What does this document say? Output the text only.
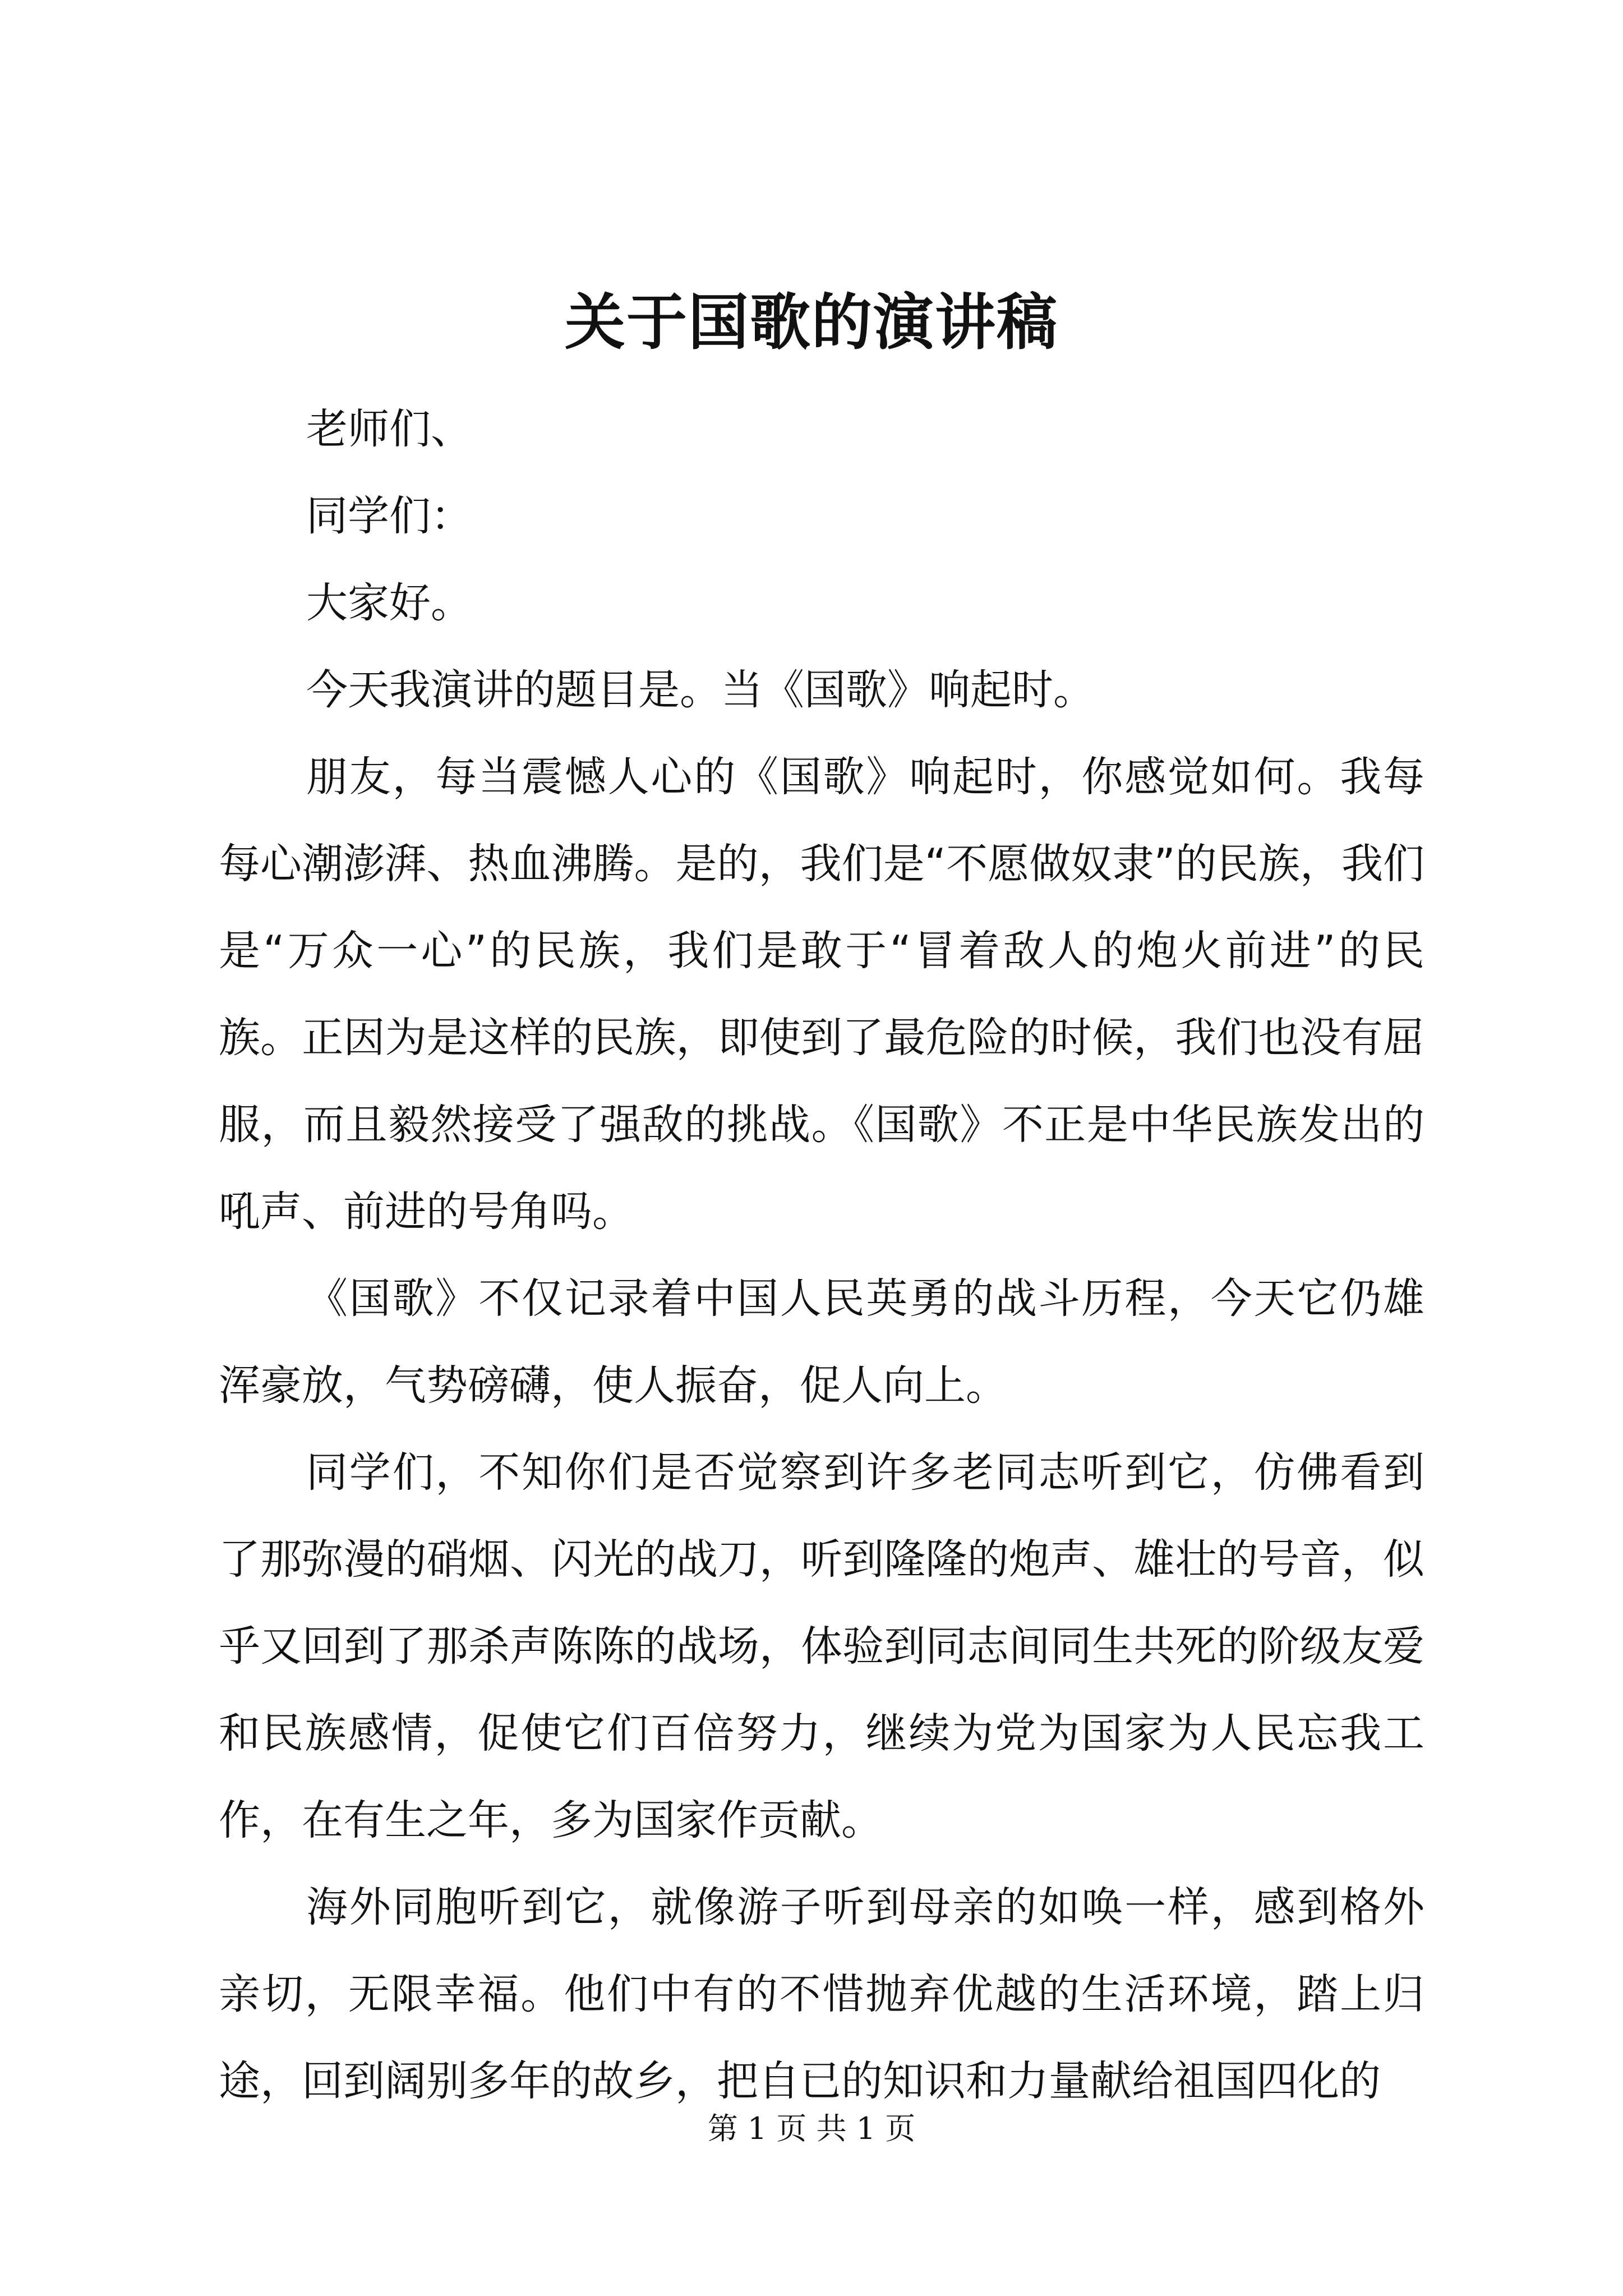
关于国歌的演讲稿

老师们、

同学们：

大家好。

今天我演讲的题目是。当《国歌》响起时。

朋友，每当震憾人心的《国歌》响起时，你感觉如何。我每每心潮澎湃、热血沸腾。是的，我们是“不愿做奴隶”的民族，我们是“万众一心”的民族，我们是敢于“冒着敌人的炮火前进”的民族。正因为是这样的民族，即使到了最危险的时候，我们也没有屈服，而且毅然接受了强敌的挑战。《国歌》不正是中华民族发出的吼声、前进的号角吗。

《国歌》不仅记录着中国人民英勇的战斗历程，今天它仍雄浑豪放，气势磅礴，使人振奋，促人向上。

同学们，不知你们是否觉察到许多老同志听到它，仿佛看到了那弥漫的硝烟、闪光的战刀，听到隆隆的炮声、雄壮的号音，似乎又回到了那杀声陈陈的战场，体验到同志间同生共死的阶级友爱和民族感情，促使它们百倍努力，继续为党为国家为人民忘我工作，在有生之年，多为国家作贡献。

海外同胞听到它，就像游子听到母亲的如唤一样，感到格外亲切，无限幸福。他们中有的不惜抛弃优越的生活环境，踏上归途，回到阔别多年的故乡，把自已的知识和力量献给祖国四化的

第 1 页 共 1 页
